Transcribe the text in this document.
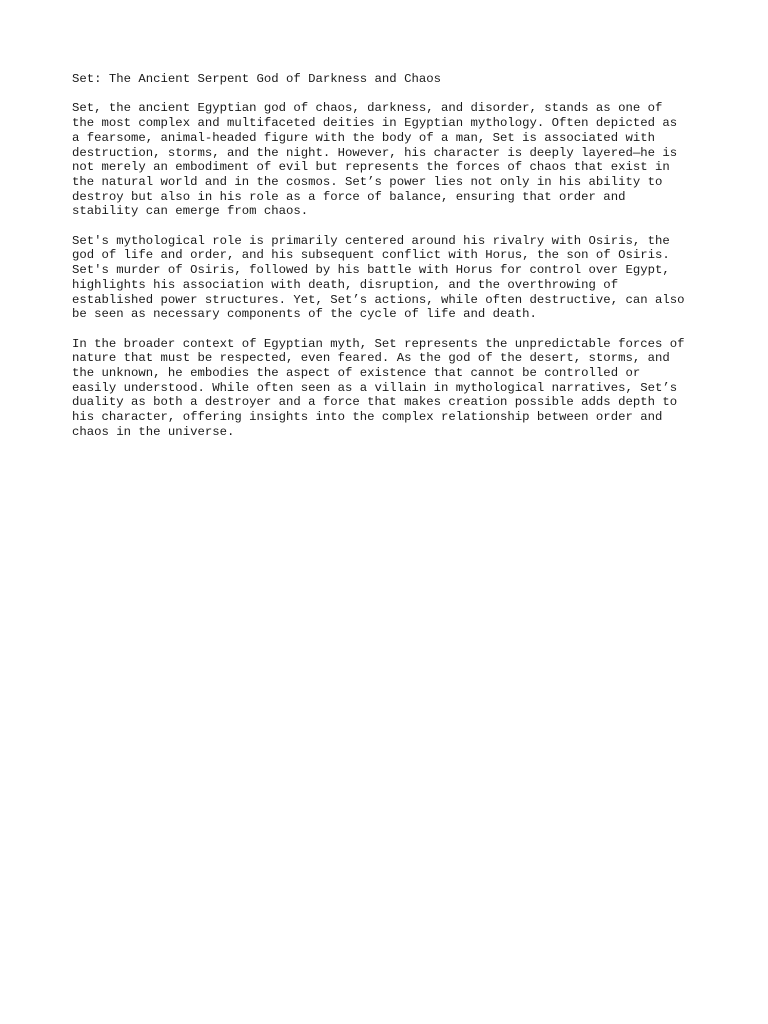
Set: The Ancient Serpent God of Darkness and Chaos
Set, the ancient Egyptian god of chaos, darkness, and disorder, stands as one of
the most complex and multifaceted deities in Egyptian mythology. Often depicted as
a fearsome, animal-headed figure with the body of a man, Set is associated with
destruction, storms, and the night. However, his character is deeply layered—he is
not merely an embodiment of evil but represents the forces of chaos that exist in
the natural world and in the cosmos. Set’s power lies not only in his ability to
destroy but also in his role as a force of balance, ensuring that order and
stability can emerge from chaos.
Set's mythological role is primarily centered around his rivalry with Osiris, the
god of life and order, and his subsequent conflict with Horus, the son of Osiris.
Set's murder of Osiris, followed by his battle with Horus for control over Egypt,
highlights his association with death, disruption, and the overthrowing of
established power structures. Yet, Set’s actions, while often destructive, can also
be seen as necessary components of the cycle of life and death.
In the broader context of Egyptian myth, Set represents the unpredictable forces of
nature that must be respected, even feared. As the god of the desert, storms, and
the unknown, he embodies the aspect of existence that cannot be controlled or
easily understood. While often seen as a villain in mythological narratives, Set’s
duality as both a destroyer and a force that makes creation possible adds depth to
his character, offering insights into the complex relationship between order and
chaos in the universe.
